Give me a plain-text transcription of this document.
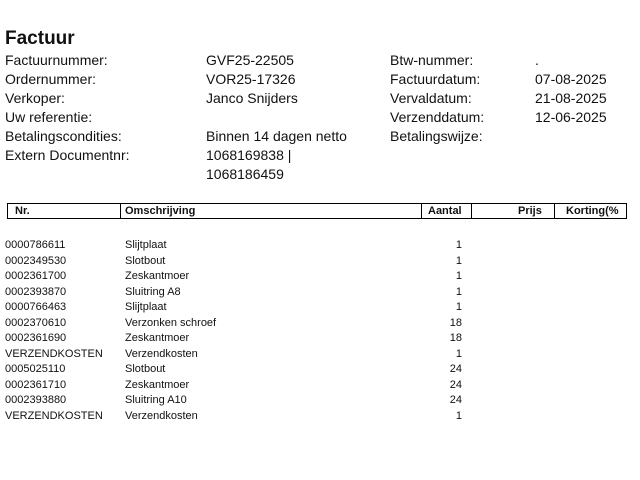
Factuur
Factuurnummer:	GVF25-22505
Ordernummer:	VOR25-17326
Verkoper:	Janco Snijders
Uw referentie:
Betalingscondities:	Binnen 14 dagen netto
Extern Documentnr:	1068169838 |
1068186459
Btw-nummer:	.
Factuurdatum:	07-08-2025
Vervaldatum:	21-08-2025
Verzenddatum:	12-06-2025
Betalingswijze:
Nr.	Omschrijving	Aantal	Prijs Korting(%
0000786611	Slijtplaat	1
0002349530	Slotbout	1
0002361700	Zeskantmoer	1
0002393870	Sluitring A8	1
0000766463	Slijtplaat	1
0002370610	Verzonken schroef	18
0002361690	Zeskantmoer	18
VERZENDKOSTEN Verzendkosten	1
0005025110	Slotbout	24
0002361710	Zeskantmoer	24
0002393880	Sluitring A10	24
VERZENDKOSTEN Verzendkosten	1
